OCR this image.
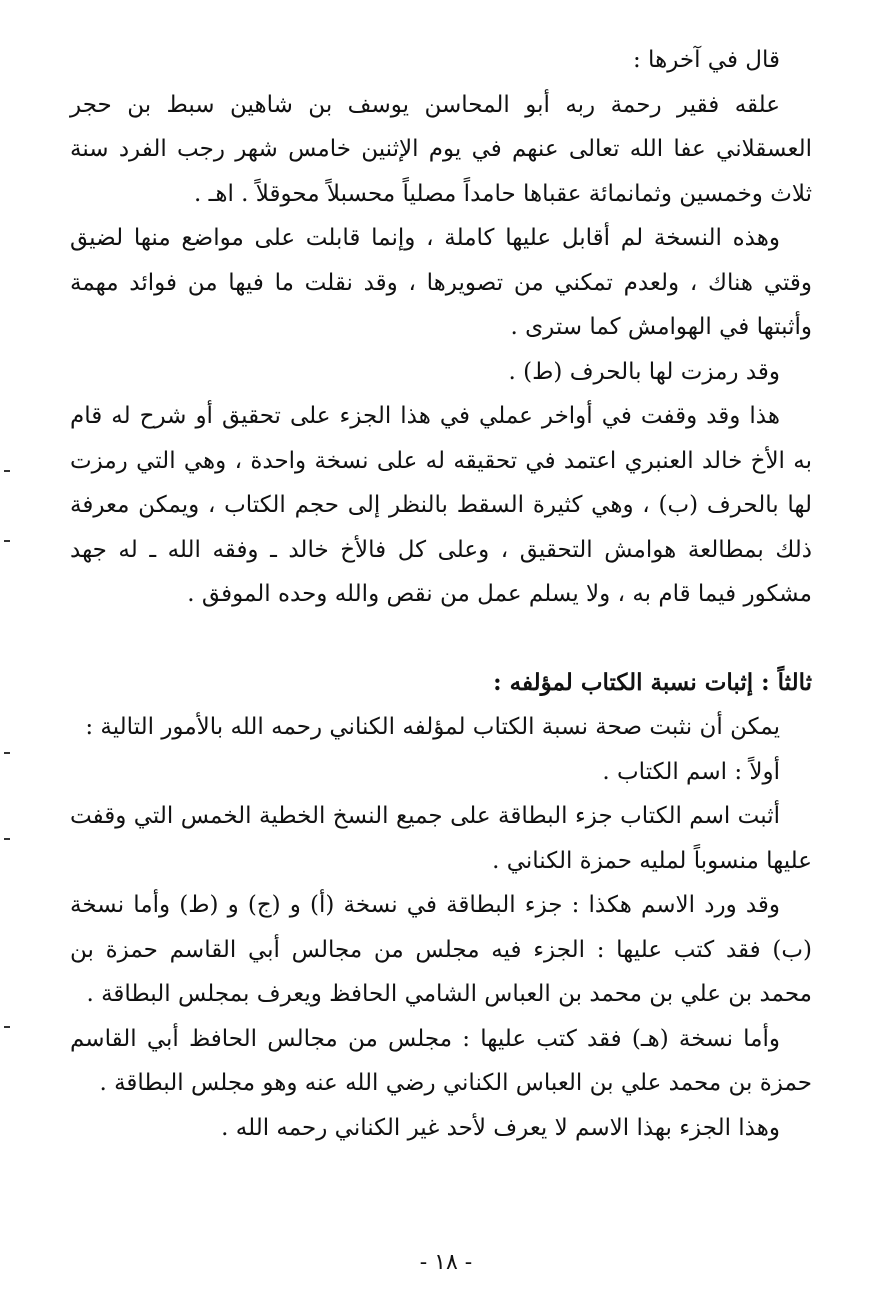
قال في آخرها :

علقه فقير رحمة ربه أبو المحاسن يوسف بن شاهين سبط بن حجر العسقلاني عفا الله تعالى عنهم في يوم الإثنين خامس شهر رجب الفرد سنة ثلاث وخمسين وثمانمائة عقباها حامداً مصلياً محسبلاً محوقلاً . اهـ .

وهذه النسخة لم أقابل عليها كاملة ، وإنما قابلت على مواضع منها لضيق وقتي هناك ، ولعدم تمكني من تصويرها ، وقد نقلت ما فيها من فوائد مهمة وأثبتها في الهوامش كما سترى .

وقد رمزت لها بالحرف (ط) .

هذا وقد وقفت في أواخر عملي في هذا الجزء على تحقيق أو شرح له قام به الأخ خالد العنبري اعتمد في تحقيقه له على نسخة واحدة ، وهي التي رمزت لها بالحرف (ب) ، وهي كثيرة السقط بالنظر إلى حجم الكتاب ، ويمكن معرفة ذلك بمطالعة هوامش التحقيق ، وعلى كل فالأخ خالد ـ وفقه الله ـ له جهد مشكور فيما قام به ، ولا يسلم عمل من نقص والله وحده الموفق .

ثالثاً : إثبات نسبة الكتاب لمؤلفه :

يمكن أن نثبت صحة نسبة الكتاب لمؤلفه الكناني رحمه الله بالأمور التالية :

أولاً : اسم الكتاب .

أثبت اسم الكتاب جزء البطاقة على جميع النسخ الخطية الخمس التي وقفت عليها منسوباً لمليه حمزة الكناني .

وقد ورد الاسم هكذا : جزء البطاقة في نسخة (أ) و (ج) و (ط) وأما نسخة (ب) فقد كتب عليها : الجزء فيه مجلس من مجالس أبي القاسم حمزة بن محمد بن علي بن محمد بن العباس الشامي الحافظ ويعرف بمجلس البطاقة .

وأما نسخة (هـ) فقد كتب عليها : مجلس من مجالس الحافظ أبي القاسم حمزة بن محمد علي بن العباس الكناني رضي الله عنه وهو مجلس البطاقة .

وهذا الجزء بهذا الاسم لا يعرف لأحد غير الكناني رحمه الله .

- ١٨ -
